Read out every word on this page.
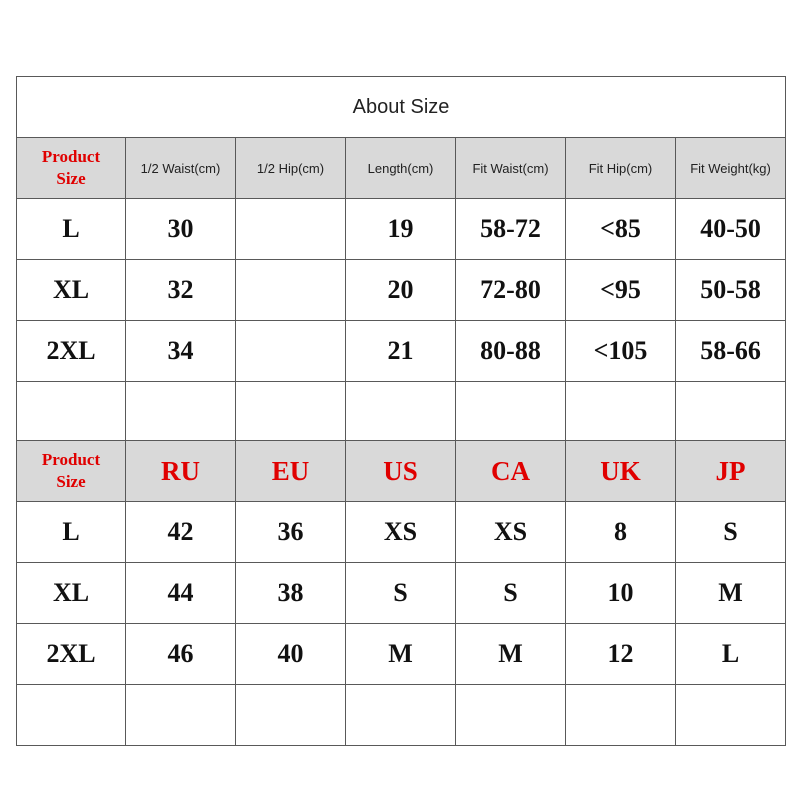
About Size						
Product
Size	1/2 Waist(cm)	1/2 Hip(cm)	Length(cm)	Fit Waist(cm)	Fit Hip(cm)	Fit Weight(kg)
L	30		19	58-72	<85	40-50
XL	32		20	72-80	<95	50-58
2XL	34		21	80-88	<105	58-66

Product
Size	RU	EU	US	CA	UK	JP
L	42	36	XS	XS	8	S
XL	44	38	S	S	10	M
2XL	46	40	M	M	12	L
